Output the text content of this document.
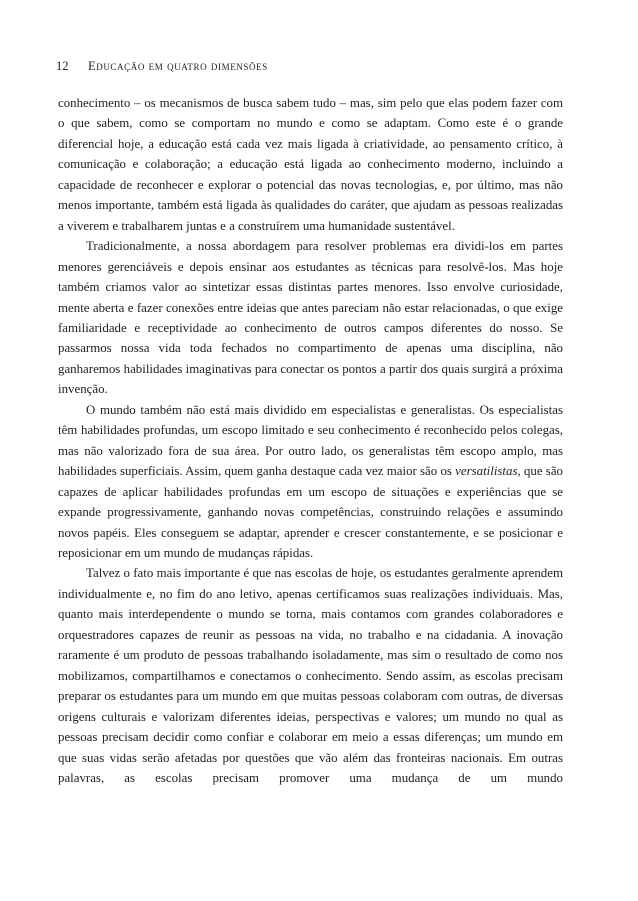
12 Educação em quatro dimensões

conhecimento – os mecanismos de busca sabem tudo – mas, sim pelo que elas podem fazer com o que sabem, como se comportam no mundo e como se adaptam. Como este é o grande diferencial hoje, a educação está cada vez mais ligada à criatividade, ao pensamento crítico, à comunicação e colaboração; a educação está ligada ao conhecimento moderno, incluindo a capacidade de reconhecer e explorar o potencial das novas tecnologias, e, por último, mas não menos importante, também está ligada às qualidades do caráter, que ajudam as pessoas realizadas a viverem e trabalharem juntas e a construírem uma humanidade sustentável.

Tradicionalmente, a nossa abordagem para resolver problemas era dividi-los em partes menores gerenciáveis e depois ensinar aos estudantes as técnicas para resolvê-los. Mas hoje também criamos valor ao sintetizar essas distintas partes menores. Isso envolve curiosidade, mente aberta e fazer conexões entre ideias que antes pareciam não estar relacionadas, o que exige familiaridade e receptividade ao conhecimento de outros campos diferentes do nosso. Se passarmos nossa vida toda fechados no compartimento de apenas uma disciplina, não ganharemos habilidades imaginativas para conectar os pontos a partir dos quais surgirá a próxima invenção.

O mundo também não está mais dividido em especialistas e generalistas. Os especialistas têm habilidades profundas, um escopo limitado e seu conhecimento é reconhecido pelos colegas, mas não valorizado fora de sua área. Por outro lado, os generalistas têm escopo amplo, mas habilidades superficiais. Assim, quem ganha destaque cada vez maior são os versatilistas, que são capazes de aplicar habilidades profundas em um escopo de situações e experiências que se expande progressivamente, ganhando novas competências, construindo relações e assumindo novos papéis. Eles conseguem se adaptar, aprender e crescer constantemente, e se posicionar e reposicionar em um mundo de mudanças rápidas.

Talvez o fato mais importante é que nas escolas de hoje, os estudantes geralmente aprendem individualmente e, no fim do ano letivo, apenas certificamos suas realizações individuais. Mas, quanto mais interdependente o mundo se torna, mais contamos com grandes colaboradores e orquestradores capazes de reunir as pessoas na vida, no trabalho e na cidadania. A inovação raramente é um produto de pessoas trabalhando isoladamente, mas sim o resultado de como nos mobilizamos, compartilhamos e conectamos o conhecimento. Sendo assim, as escolas precisam preparar os estudantes para um mundo em que muitas pessoas colaboram com outras, de diversas origens culturais e valorizam diferentes ideias, perspectivas e valores; um mundo no qual as pessoas precisam decidir como confiar e colaborar em meio a essas diferenças; um mundo em que suas vidas serão afetadas por questões que vão além das fronteiras nacionais. Em outras palavras, as escolas precisam promover uma mudança de um mundo
